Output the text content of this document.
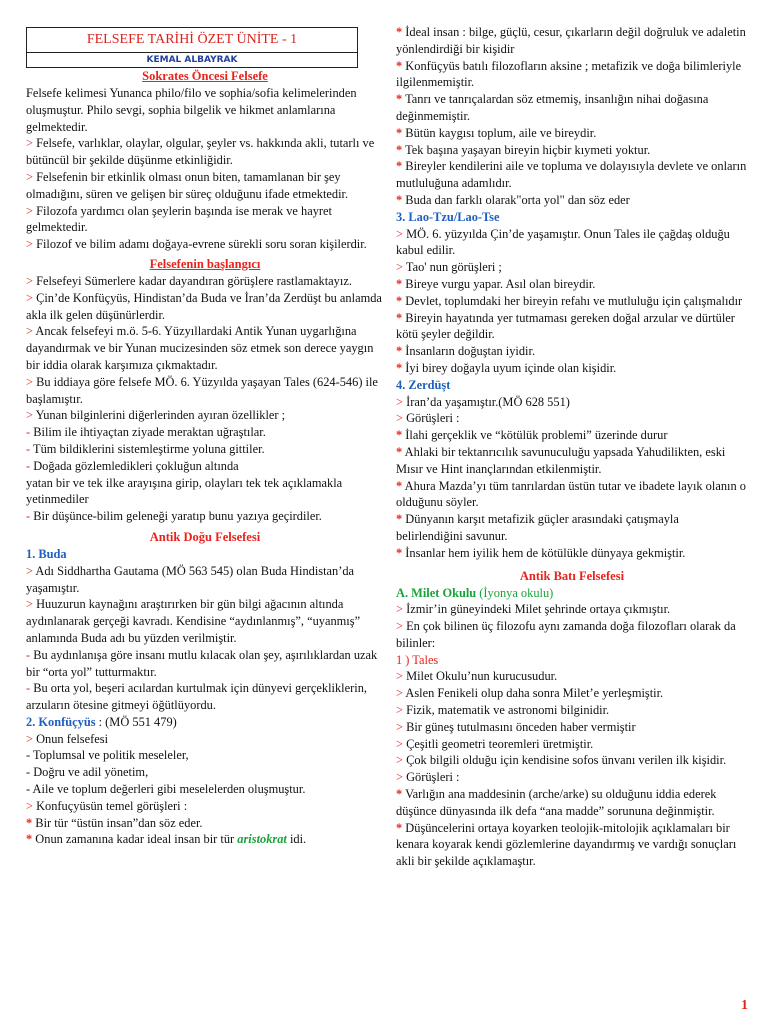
FELSEFE TARİHİ ÖZET ÜNİTE - 1
KEMAL ALBAYRAK

Sokrates Öncesi Felsefe

Felsefe kelimesi Yunanca philo/filo ve sophia/sofia kelimelerinden oluşmuştur. Philo sevgi, sophia bilgelik ve hikmet anlamlarına gelmektedir.

> Felsefe, varlıklar, olaylar, olgular, şeyler vs. hakkında akli, tutarlı ve bütüncül bir şekilde düşünme etkinliğidir.

> Felsefenin bir etkinlik olması onun biten, tamamlanan bir şey olmadığını, süren ve gelişen bir süreç olduğunu ifade etmektedir.

> Filozofa yardımcı olan şeylerin başında ise merak ve hayret gelmektedir.

> Filozof ve bilim adamı doğaya-evrene sürekli soru soran kişilerdir.

Felsefenin başlangıcı

> Felsefeyi Sümerlere kadar dayandıran görüşlere rastlamaktayız.

> Çin’de Konfüçyüs, Hindistan’da Buda ve İran’da Zerdüşt bu anlamda akla ilk gelen düşünürlerdir.

> Ancak felsefeyi m.ö. 5-6. Yüzyıllardaki Antik Yunan uygarlığına dayandırmak ve bir Yunan mucizesinden söz etmek son derece yaygın bir iddia olarak karşımıza çıkmaktadır.

> Bu iddiaya göre felsefe MÖ. 6. Yüzyılda yaşayan Tales (624-546) ile başlamıştır.

> Yunan bilginlerini diğerlerinden ayıran özellikler ;

- Bilim ile ihtiyaçtan ziyade meraktan uğraştılar.

- Tüm bildiklerini sistemleştirme yoluna gittiler.

- Doğada gözlemledikleri çokluğun altında

yatan bir ve tek ilke arayışına girip, olayları tek tek açıklamakla yetinmediler

- Bir düşünce-bilim geleneği yaratıp bunu yazıya geçirdiler.

Antik Doğu Felsefesi

1. Buda

> Adı Siddhartha Gautama (MÖ 563 545) olan Buda Hindistan’da yaşamıştır.

> Huuzurun kaynağını araştırırken bir gün bilgi ağacının altında aydınlanarak gerçeği kavradı. Kendisine “aydınlanmış”, “uyanmış” anlamında Buda adı bu yüzden verilmiştir.

- Bu aydınlanışa göre insanı mutlu kılacak olan şey, aşırılıklardan uzak bir “orta yol” tutturmaktır.

- Bu orta yol, beşeri acılardan kurtulmak için dünyevi gerçekliklerin, arzuların ötesine gitmeyi öğütlüyordu.

2. Konfüçyüs : (MÖ 551 479)

> Onun felsefesi

- Toplumsal ve politik meseleler,

- Doğru ve adil yönetim,

- Aile ve toplum değerleri gibi meselelerden oluşmuştur.

> Konfuçyüsün temel görüşleri :

* Bir tür “üstün insan”dan söz eder.

* Onun zamanına kadar ideal insan bir tür aristokrat idi.

* İdeal insan : bilge, güçlü, cesur, çıkarların değil doğruluk ve adaletin yönlendirdiği bir kişidir

* Konfüçyüs batılı filozofların aksine ; metafizik ve doğa bilimleriyle ilgilenmemiştir.

* Tanrı ve tanrıçalardan söz etmemiş, insanlığın nihai doğasına değinmemiştir.

* Bütün kaygısı toplum, aile ve bireydir.

* Tek başına yaşayan bireyin hiçbir kıymeti yoktur.

* Bireyler kendilerini aile ve topluma ve dolayısıyla devlete ve onların mutluluğuna adamlıdır.

* Buda dan farklı olarak"orta yol" dan söz eder

3. Lao-Tzu/Lao-Tse

> MÖ. 6. yüzyılda Çin’de yaşamıştır. Onun Tales ile çağdaş olduğu kabul edilir.

> Tao' nun görüşleri ;

* Bireye vurgu yapar. Asıl olan bireydir.

* Devlet, toplumdaki her bireyin refahı ve mutluluğu için çalışmalıdır

* Bireyin hayatında yer tutmaması gereken doğal arzular ve dürtüler kötü şeyler değildir.

* İnsanların doğuştan iyidir.

* İyi birey doğayla uyum içinde olan kişidir.

4. Zerdüşt

> İran’da yaşamıştır.(MÖ 628 551)

> Görüşleri :

* İlahi gerçeklik ve “kötülük problemi” üzerinde durur

* Ahlaki bir tektanrıcılık savunuculuğu yapsada Yahudilikten, eski Mısır ve Hint inançlarından etkilenmiştir.

* Ahura Mazda’yı tüm tanrılardan üstün tutar ve ibadete layık olanın o olduğunu söyler.

* Dünyanın karşıt metafizik güçler arasındaki çatışmayla belirlendiğini savunur.

* İnsanlar hem iyilik hem de kötülükle dünyaya gekmiştir.

Antik Batı Felsefesi

A. Milet Okulu (İyonya okulu)

> İzmir’in güneyindeki Milet şehrinde ortaya çıkmıştır.

> En çok bilinen üç filozofu aynı zamanda doğa filozofları olarak da bilinler:

1 ) Tales

> Milet Okulu’nun kurucusudur.

> Aslen Fenikeli olup daha sonra Milet’e yerleşmiştir.

> Fizik, matematik ve astronomi bilginidir.

> Bir güneş tutulmasını önceden haber vermiştir

> Çeşitli geometri teoremleri üretmiştir.

> Çok bilgili olduğu için kendisine sofos ünvanı verilen ilk kişidir.

> Görüşleri :

* Varlığın ana maddesinin (arche/arke) su olduğunu iddia ederek düşünce dünyasında ilk defa “ana madde” sorununa değinmiştir.

* Düşüncelerini ortaya koyarken teolojik-mitolojik açıklamaları bir kenara koyarak kendi gözlemlerine dayandırmış ve vardığı sonuçları akli bir şekilde açıklamaştır.

1
